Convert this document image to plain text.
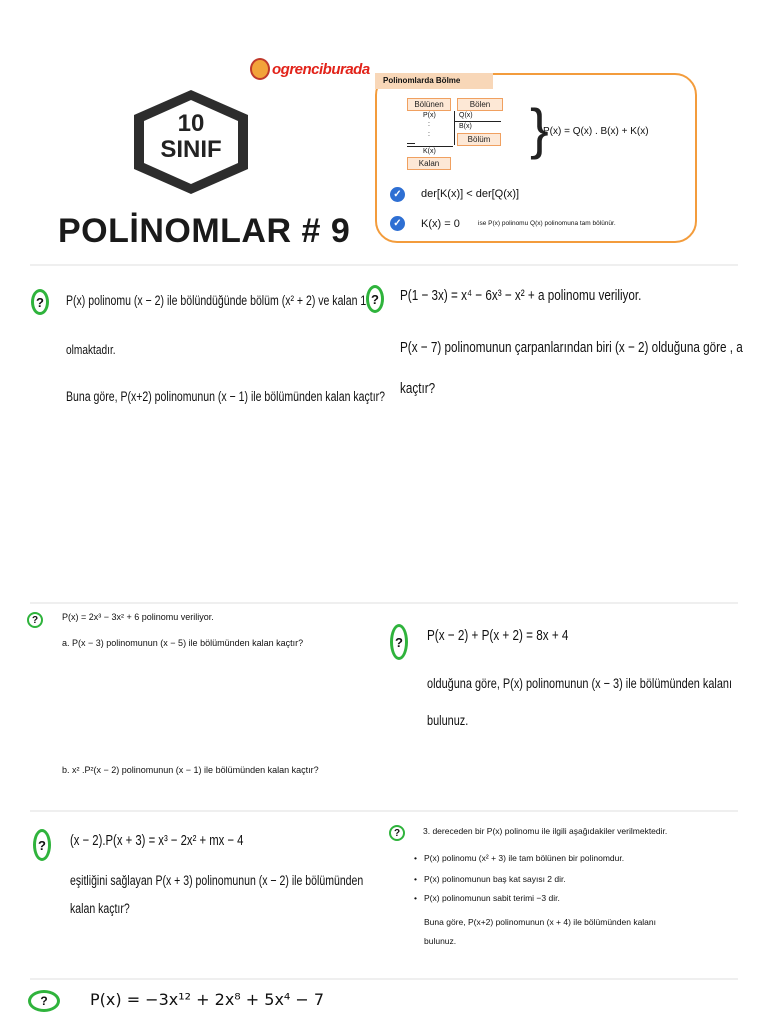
ogrenciburada
10
SINIF
POLİNOMLAR # 9
Polinomlarda Bölme
Bölünen	Bölen
P(x)	Q(x)
B(x)
Bölüm
:
:
K(x)
Kalan
}
P(x) = Q(x) . B(x) + K(x)
✓	der[K(x)] < der[Q(x)]
✓	K(x) = 0	ise P(x) polinomu Q(x) polinomuna tam bölünür.
?	P(x) polinomu (x − 2) ile bölündüğünde bölüm (x² + 2) ve kalan 1
olmaktadır.
Buna göre, P(x+2) polinomunun (x − 1) ile bölümünden kalan kaçtır?
?	P(1 − 3x) = x⁴ − 6x³ − x² + a polinomu veriliyor.
P(x − 7) polinomunun çarpanlarından biri (x − 2) olduğuna göre , a
kaçtır?
?	P(x) = 2x³ − 3x² + 6 polinomu veriliyor.
a. P(x − 3) polinomunun (x − 5) ile bölümünden kalan kaçtır?
b. x² .P²(x − 2) polinomunun (x − 1) ile bölümünden kalan kaçtır?
?	P(x − 2) + P(x + 2) = 8x + 4
olduğuna göre, P(x) polinomunun (x − 3) ile bölümünden kalanı
bulunuz.
?	(x − 2).P(x + 3) = x³ − 2x² + mx − 4
eşitliğini sağlayan P(x + 3) polinomunun (x − 2) ile bölümünden
kalan kaçtır?
?	3. dereceden bir P(x) polinomu ile ilgili aşağıdakiler verilmektedir.
• P(x) polinomu (x² + 3) ile tam bölünen bir polinomdur.
• P(x) polinomunun baş kat sayısı 2 dir.
• P(x) polinomunun sabit terimi −3 dir.
Buna göre, P(x+2) polinomunun (x + 4) ile bölümünden kalanı
bulunuz.
?	P(x) = −3x¹² + 2x⁸ + 5x⁴ − 7
